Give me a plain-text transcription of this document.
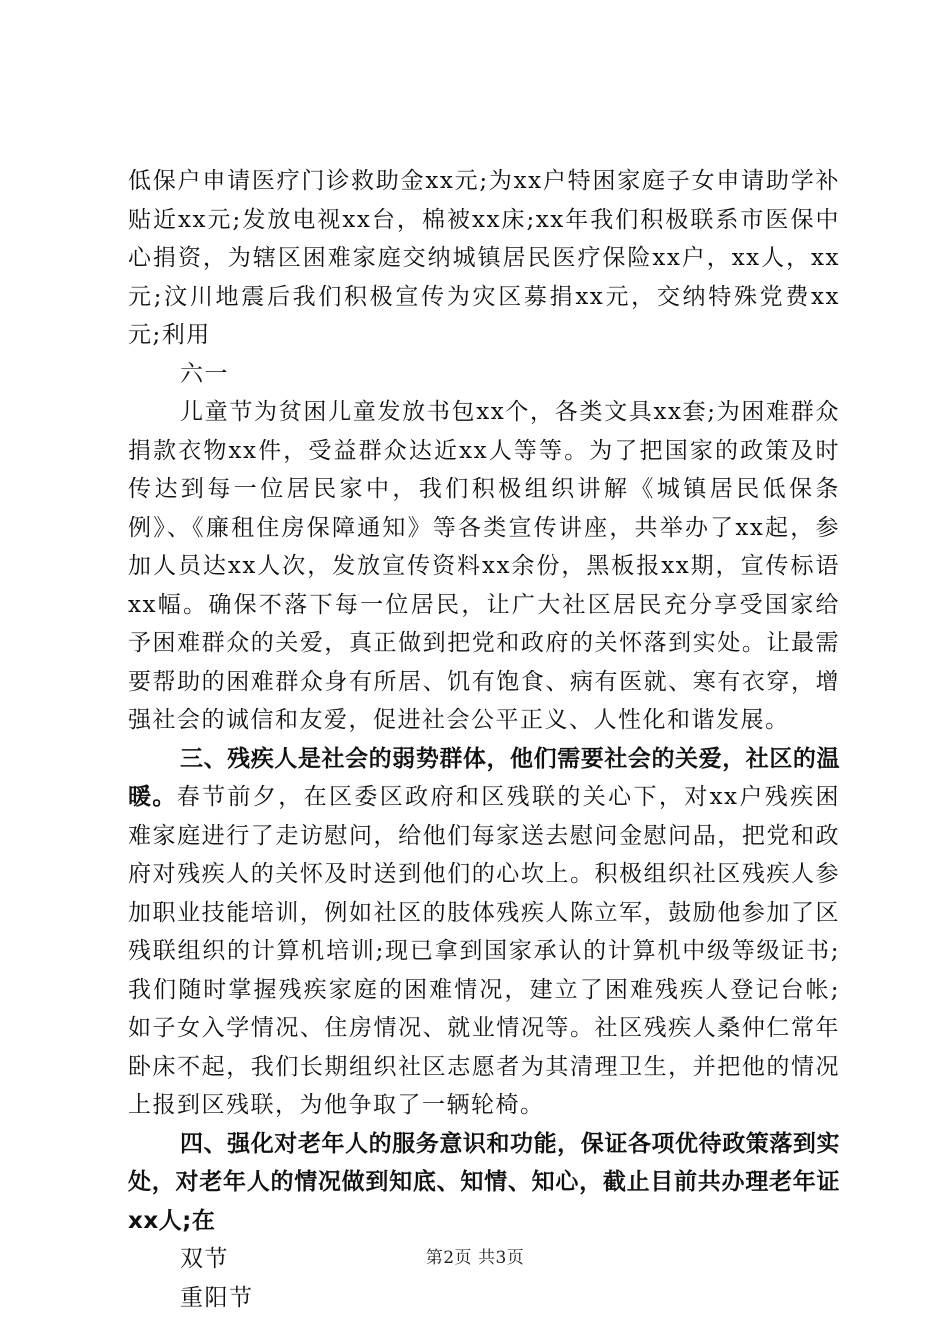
低保户申请医疗门诊救助金xx元;为xx户特困家庭子女申请助学补贴近xx元;发放电视xx台，棉被xx床;xx年我们积极联系市医保中心捐资，为辖区困难家庭交纳城镇居民医疗保险xx户，xx人，xx元;汶川地震后我们积极宣传为灾区募捐xx元，交纳特殊党费xx元;利用

六一

儿童节为贫困儿童发放书包xx个，各类文具xx套;为困难群众捐款衣物xx件，受益群众达近xx人等等。为了把国家的政策及时传达到每一位居民家中，我们积极组织讲解《城镇居民低保条例》、《廉租住房保障通知》等各类宣传讲座，共举办了xx起，参加人员达xx人次，发放宣传资料xx余份，黑板报xx期，宣传标语xx幅。确保不落下每一位居民，让广大社区居民充分享受国家给予困难群众的关爱，真正做到把党和政府的关怀落到实处。让最需要帮助的困难群众身有所居、饥有饱食、病有医就、寒有衣穿，增强社会的诚信和友爱，促进社会公平正义、人性化和谐发展。

三、残疾人是社会的弱势群体，他们需要社会的关爱，社区的温暖。春节前夕，在区委区政府和区残联的关心下，对xx户残疾困难家庭进行了走访慰问，给他们每家送去慰问金慰问品，把党和政府对残疾人的关怀及时送到他们的心坎上。积极组织社区残疾人参加职业技能培训，例如社区的肢体残疾人陈立军，鼓励他参加了区残联组织的计算机培训;现已拿到国家承认的计算机中级等级证书;我们随时掌握残疾家庭的困难情况，建立了困难残疾人登记台帐;如子女入学情况、住房情况、就业情况等。社区残疾人桑仲仁常年卧床不起，我们长期组织社区志愿者为其清理卫生，并把他的情况上报到区残联，为他争取了一辆轮椅。

四、强化对老年人的服务意识和功能，保证各项优待政策落到实处，对老年人的情况做到知底、知情、知心，截止目前共办理老年证xx人;在

双节

重阳节

第2页 共3页
